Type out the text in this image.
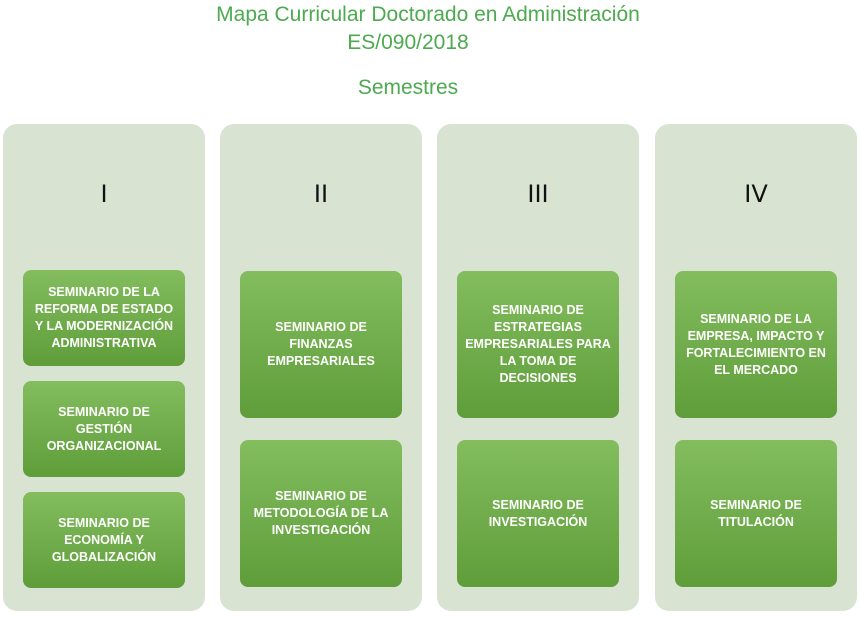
Mapa Curricular Doctorado en Administración
ES/090/2018
Semestres
I
SEMINARIO DE LA REFORMA DE ESTADO Y LA MODERNIZACIÓN ADMINISTRATIVA
SEMINARIO DE GESTIÓN ORGANIZACIONAL
SEMINARIO DE ECONOMÍA Y GLOBALIZACIÓN
II
SEMINARIO DE FINANZAS EMPRESARIALES
SEMINARIO DE METODOLOGÍA DE LA INVESTIGACIÓN
III
SEMINARIO DE ESTRATEGIAS EMPRESARIALES PARA LA TOMA DE DECISIONES
SEMINARIO DE INVESTIGACIÓN
IV
SEMINARIO DE LA EMPRESA, IMPACTO Y FORTALECIMIENTO EN EL MERCADO
SEMINARIO DE TITULACIÓN
